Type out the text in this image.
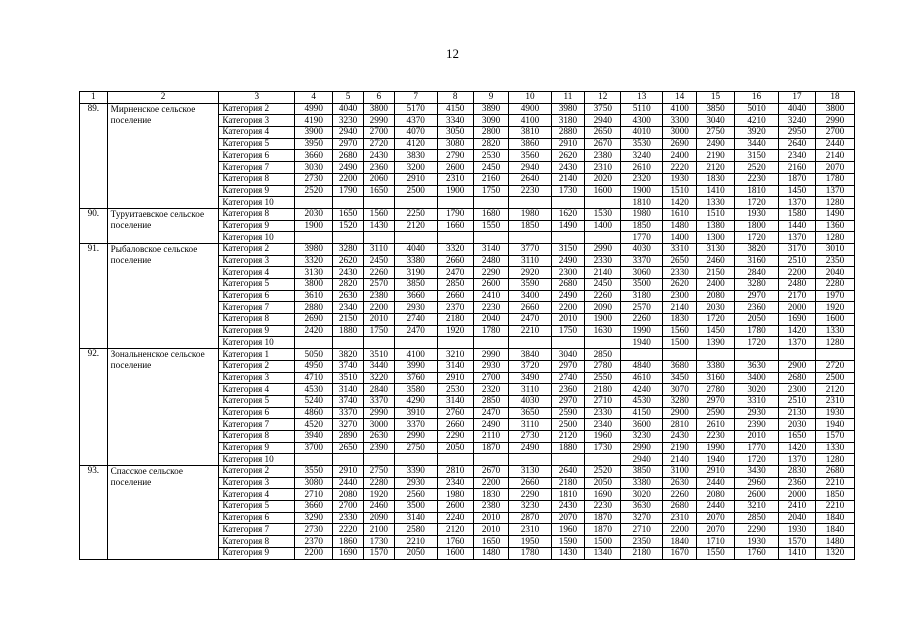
12
1	2	3	4	5	6	7	8	9	10	11	12	13	14	15	16	17	18
89.	Мирненское сельское поселение	Категория 2	4990	4040	3800	5170	4150	3890	4900	3980	3750	5110	4100	3850	5010	4040	3800
		Категория 3	4190	3230	2990	4370	3340	3090	4100	3180	2940	4300	3300	3040	4210	3240	2990
		Категория 4	3900	2940	2700	4070	3050	2800	3810	2880	2650	4010	3000	2750	3920	2950	2700
		Категория 5	3950	2970	2720	4120	3080	2820	3860	2910	2670	3530	2690	2490	3440	2640	2440
		Категория 6	3660	2680	2430	3830	2790	2530	3560	2620	2380	3240	2400	2190	3150	2340	2140
		Категория 7	3030	2490	2360	3200	2600	2450	2940	2430	2310	2610	2220	2120	2520	2160	2070
		Категория 8	2730	2200	2060	2910	2310	2160	2640	2140	2020	2320	1930	1830	2230	1870	1780
		Категория 9	2520	1790	1650	2500	1900	1750	2230	1730	1600	1900	1510	1410	1810	1450	1370
		Категория 10										1810	1420	1330	1720	1370	1280
90.	Туруитаевское сельское поселение	Категория 8	2030	1650	1560	2250	1790	1680	1980	1620	1530	1980	1610	1510	1930	1580	1490
		Категория 9	1900	1520	1430	2120	1660	1550	1850	1490	1400	1850	1480	1380	1800	1440	1360
		Категория 10										1770	1400	1300	1720	1370	1280
91.	Рыбаловское сельское поселение	Категория 2	3980	3280	3110	4040	3320	3140	3770	3150	2990	4030	3310	3130	3820	3170	3010
		Категория 3	3320	2620	2450	3380	2660	2480	3110	2490	2330	3370	2650	2460	3160	2510	2350
		Категория 4	3130	2430	2260	3190	2470	2290	2920	2300	2140	3060	2330	2150	2840	2200	2040
		Категория 5	3800	2820	2570	3850	2850	2600	3590	2680	2450	3500	2620	2400	3280	2480	2280
		Категория 6	3610	2630	2380	3660	2660	2410	3400	2490	2260	3180	2300	2080	2970	2170	1970
		Категория 7	2880	2340	2200	2930	2370	2230	2660	2200	2090	2570	2140	2030	2360	2000	1920
		Категория 8	2690	2150	2010	2740	2180	2040	2470	2010	1900	2260	1830	1720	2050	1690	1600
		Категория 9	2420	1880	1750	2470	1920	1780	2210	1750	1630	1990	1560	1450	1780	1420	1330
		Категория 10										1940	1500	1390	1720	1370	1280
92.	Зональненское сельское поселение	Категория 1	5050	3820	3510	4100	3210	2990	3840	3040	2850						
		Категория 2	4950	3740	3440	3990	3140	2930	3720	2970	2780	4840	3680	3380	3630	2900	2720
		Категория 3	4710	3510	3220	3760	2910	2700	3490	2740	2550	4610	3450	3160	3400	2680	2500
		Категория 4	4530	3140	2840	3580	2530	2320	3110	2360	2180	4240	3070	2780	3020	2300	2120
		Категория 5	5240	3740	3370	4290	3140	2850	4030	2970	2710	4530	3280	2970	3310	2510	2310
		Категория 6	4860	3370	2990	3910	2760	2470	3650	2590	2330	4150	2900	2590	2930	2130	1930
		Категория 7	4520	3270	3000	3370	2660	2490	3110	2500	2340	3600	2810	2610	2390	2030	1940
		Категория 8	3940	2890	2630	2990	2290	2110	2730	2120	1960	3230	2430	2230	2010	1650	1570
		Категория 9	3700	2650	2390	2750	2050	1870	2490	1880	1730	2990	2190	1990	1770	1420	1330
		Категория 10										2940	2140	1940	1720	1370	1280
93.	Спасское сельское поселение	Категория 2	3550	2910	2750	3390	2810	2670	3130	2640	2520	3850	3100	2910	3430	2830	2680
		Категория 3	3080	2440	2280	2930	2340	2200	2660	2180	2050	3380	2630	2440	2960	2360	2210
		Категория 4	2710	2080	1920	2560	1980	1830	2290	1810	1690	3020	2260	2080	2600	2000	1850
		Категория 5	3660	2700	2460	3500	2600	2380	3230	2430	2230	3630	2680	2440	3210	2410	2210
		Категория 6	3290	2330	2090	3140	2240	2010	2870	2070	1870	3270	2310	2070	2850	2040	1840
		Категория 7	2730	2220	2100	2580	2120	2010	2310	1960	1870	2710	2200	2070	2290	1930	1840
		Категория 8	2370	1860	1730	2210	1760	1650	1950	1590	1500	2350	1840	1710	1930	1570	1480
		Категория 9	2200	1690	1570	2050	1600	1480	1780	1430	1340	2180	1670	1550	1760	1410	1320
